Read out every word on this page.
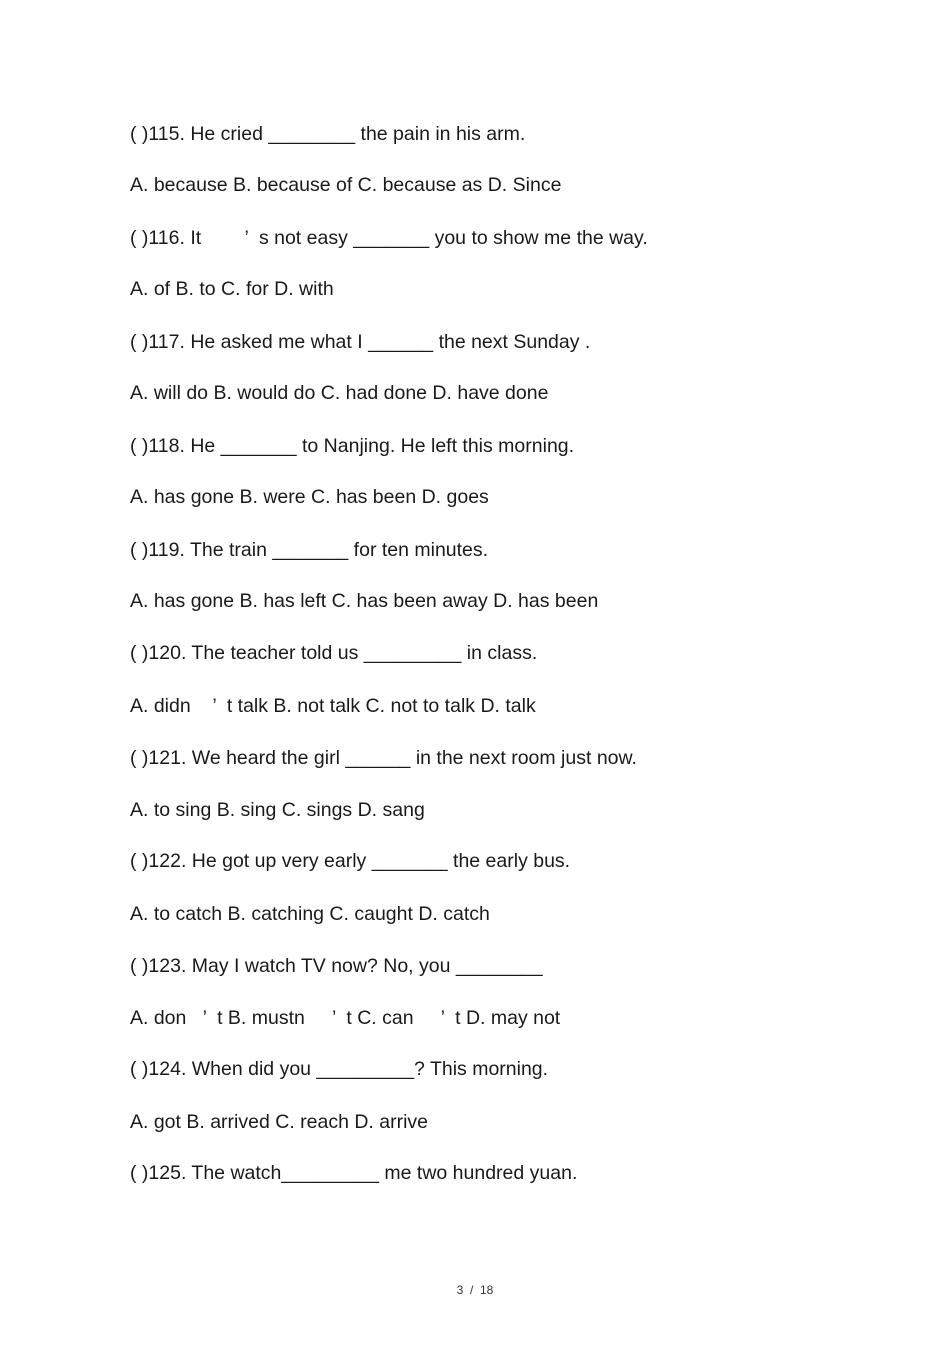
( )115. He cried ________ the pain in his arm.
A. because B. because of C. because as D. Since
( )116. It        ’  s not easy _______ you to show me the way.
A. of B. to C. for D. with
( )117. He asked me what I ______ the next Sunday .
A. will do B. would do C. had done D. have done
( )118. He _______ to Nanjing. He left this morning.
A. has gone B. were C. has been D. goes
( )119. The train _______ for ten minutes.
A. has gone B. has left C. has been away D. has been
( )120. The teacher told us _________ in class.
A. didn    ’  t talk B. not talk C. not to talk D. talk
( )121. We heard the girl ______ in the next room just now.
A. to sing B. sing C. sings D. sang
( )122. He got up very early _______ the early bus.
A. to catch B. catching C. caught D. catch
( )123. May I watch TV now? No, you ________
A. don   ’  t B. mustn     ’  t C. can     ’  t D. may not
( )124. When did you _________? This morning.
A. got B. arrived C. reach D. arrive
( )125. The watch_________ me two hundred yuan.
3  /  18
